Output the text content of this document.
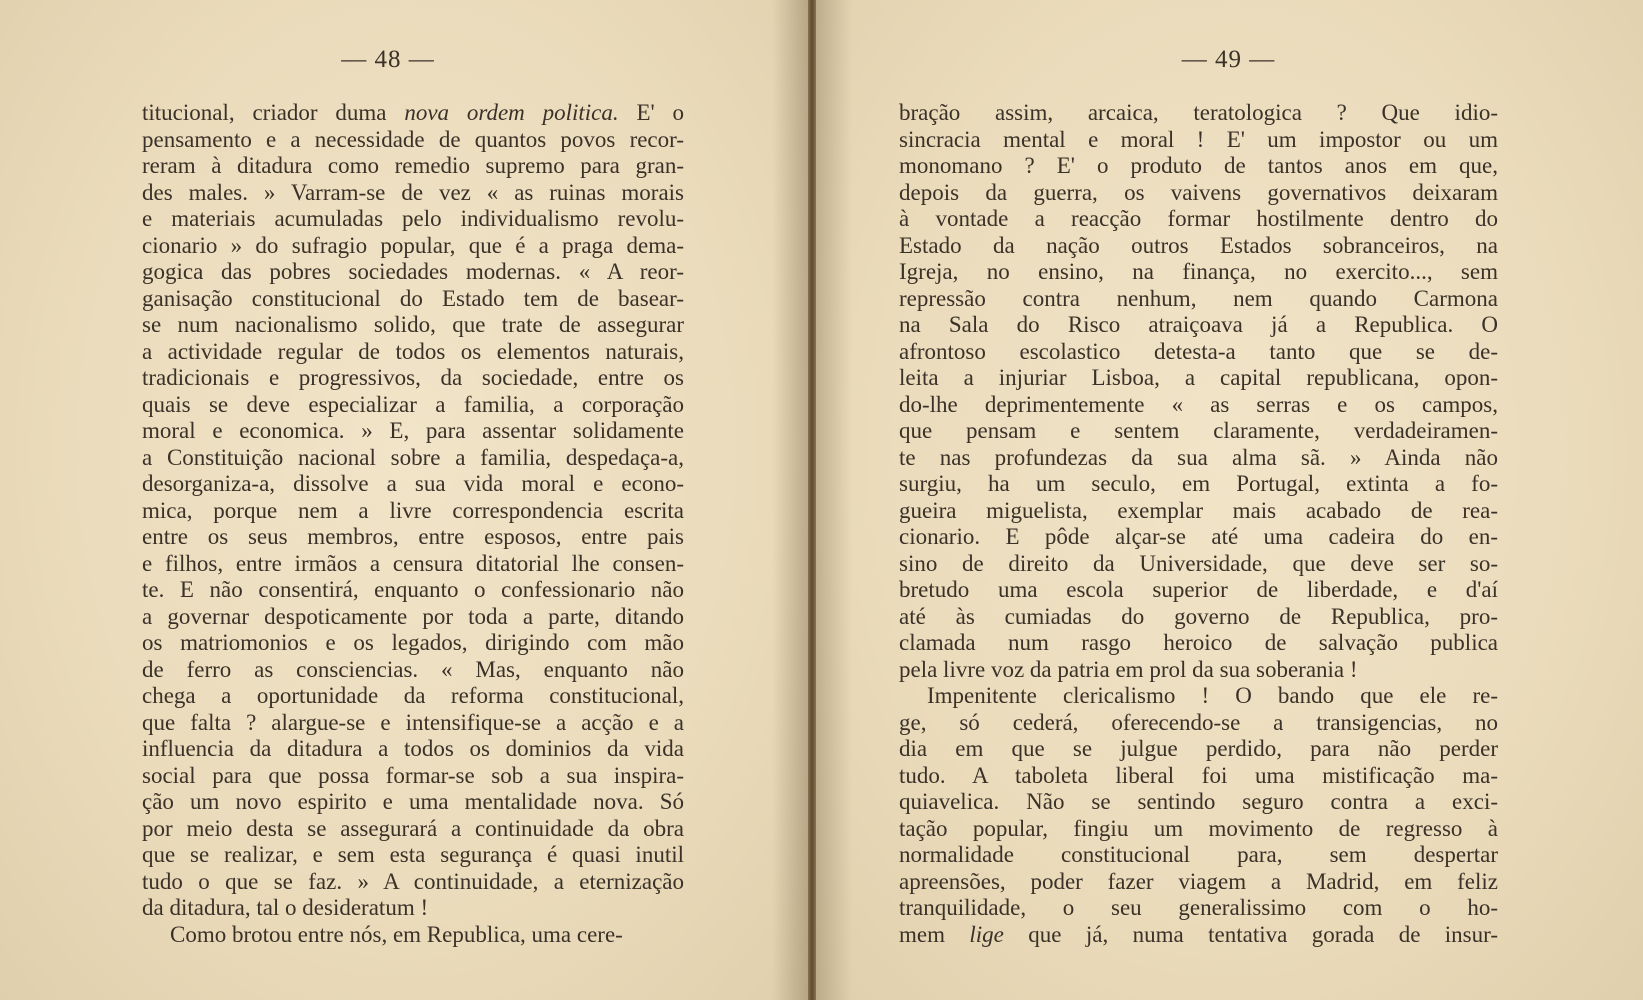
— 48 —
titucional, criador duma nova ordem politica. E' o
pensamento e a necessidade de quantos povos recor-
reram à ditadura como remedio supremo para gran-
des males. » Varram-se de vez « as ruinas morais
e materiais acumuladas pelo individualismo revolu-
cionario » do sufragio popular, que é a praga dema-
gogica das pobres sociedades modernas. « A reor-
ganisação constitucional do Estado tem de basear-
se num nacionalismo solido, que trate de assegurar
a actividade regular de todos os elementos naturais,
tradicionais e progressivos, da sociedade, entre os
quais se deve especializar a familia, a corporação
moral e economica. » E, para assentar solidamente
a Constituição nacional sobre a familia, despedaça-a,
desorganiza-a, dissolve a sua vida moral e econo-
mica, porque nem a livre correspondencia escrita
entre os seus membros, entre esposos, entre pais
e filhos, entre irmãos a censura ditatorial lhe consen-
te. E não consentirá, enquanto o confessionario não
a governar despoticamente por toda a parte, ditando
os matriomonios e os legados, dirigindo com mão
de ferro as consciencias. « Mas, enquanto não
chega a oportunidade da reforma constitucional,
que falta ? alargue-se e intensifique-se a acção e a
influencia da ditadura a todos os dominios da vida
social para que possa formar-se sob a sua inspira-
ção um novo espirito e uma mentalidade nova. Só
por meio desta se assegurará a continuidade da obra
que se realizar, e sem esta segurança é quasi inutil
tudo o que se faz. » A continuidade, a eternização
da ditadura, tal o desideratum !
Como brotou entre nós, em Republica, uma cere-
— 49 —
bração assim, arcaica, teratologica ? Que idio-
sincracia mental e moral ! E' um impostor ou um
monomano ? E' o produto de tantos anos em que,
depois da guerra, os vaivens governativos deixaram
à vontade a reacção formar hostilmente dentro do
Estado da nação outros Estados sobranceiros, na
Igreja, no ensino, na finança, no exercito..., sem
repressão contra nenhum, nem quando Carmona
na Sala do Risco atraiçoava já a Republica. O
afrontoso escolastico detesta-a tanto que se de-
leita a injuriar Lisboa, a capital republicana, opon-
do-lhe deprimentemente « as serras e os campos,
que pensam e sentem claramente, verdadeiramen-
te nas profundezas da sua alma sã. » Ainda não
surgiu, ha um seculo, em Portugal, extinta a fo-
gueira miguelista, exemplar mais acabado de rea-
cionario. E pôde alçar-se até uma cadeira do en-
sino de direito da Universidade, que deve ser so-
bretudo uma escola superior de liberdade, e d'aí
até às cumiadas do governo de Republica, pro-
clamada num rasgo heroico de salvação publica
pela livre voz da patria em prol da sua soberania !
Impenitente clericalismo ! O bando que ele re-
ge, só cederá, oferecendo-se a transigencias, no
dia em que se julgue perdido, para não perder
tudo. A taboleta liberal foi uma mistificação ma-
quiavelica. Não se sentindo seguro contra a exci-
tação popular, fingiu um movimento de regresso à
normalidade constitucional para, sem despertar
apreensões, poder fazer viagem a Madrid, em feliz
tranquilidade, o seu generalissimo com o ho-
mem lige que já, numa tentativa gorada de insur-
